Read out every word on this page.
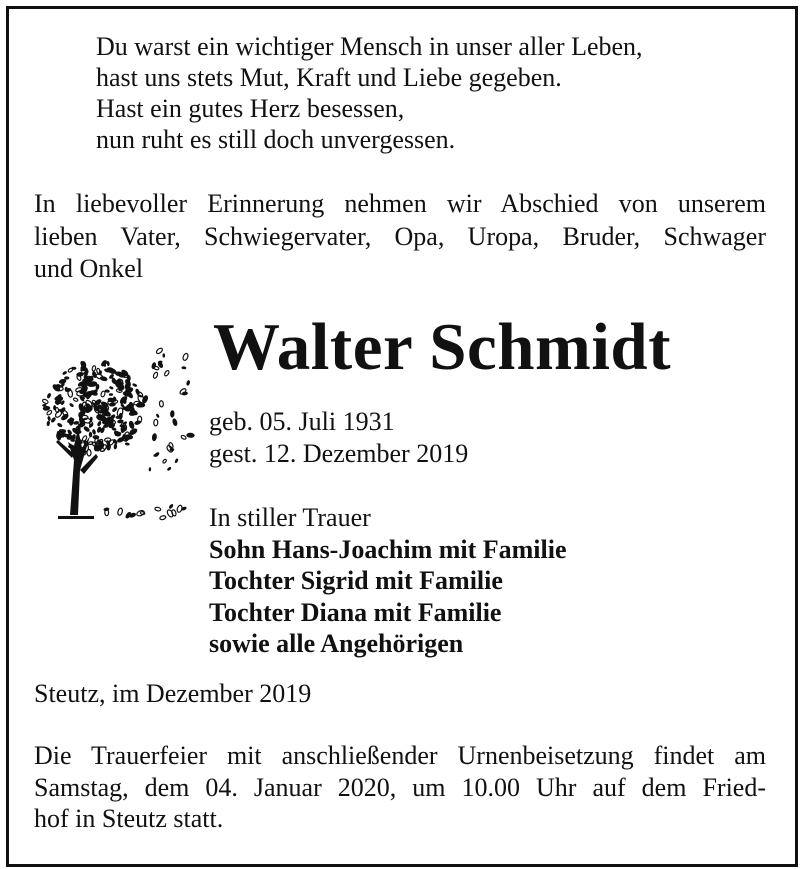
Du warst ein wichtiger Mensch in unser aller Leben,
hast uns stets Mut, Kraft und Liebe gegeben.
Hast ein gutes Herz besessen,
nun ruht es still doch unvergessen.
In liebevoller Erinnerung nehmen wir Abschied von unserem
lieben Vater, Schwiegervater, Opa, Uropa, Bruder, Schwager
und Onkel
Walter Schmidt
geb. 05. Juli 1931
gest. 12. Dezember 2019
In stiller Trauer
Sohn Hans-Joachim mit Familie
Tochter Sigrid mit Familie
Tochter Diana mit Familie
sowie alle Angehörigen
Steutz, im Dezember 2019
Die Trauerfeier mit anschließender Urnenbeisetzung findet am
Samstag, dem 04. Januar 2020, um 10.00 Uhr auf dem Fried-
hof in Steutz statt.
